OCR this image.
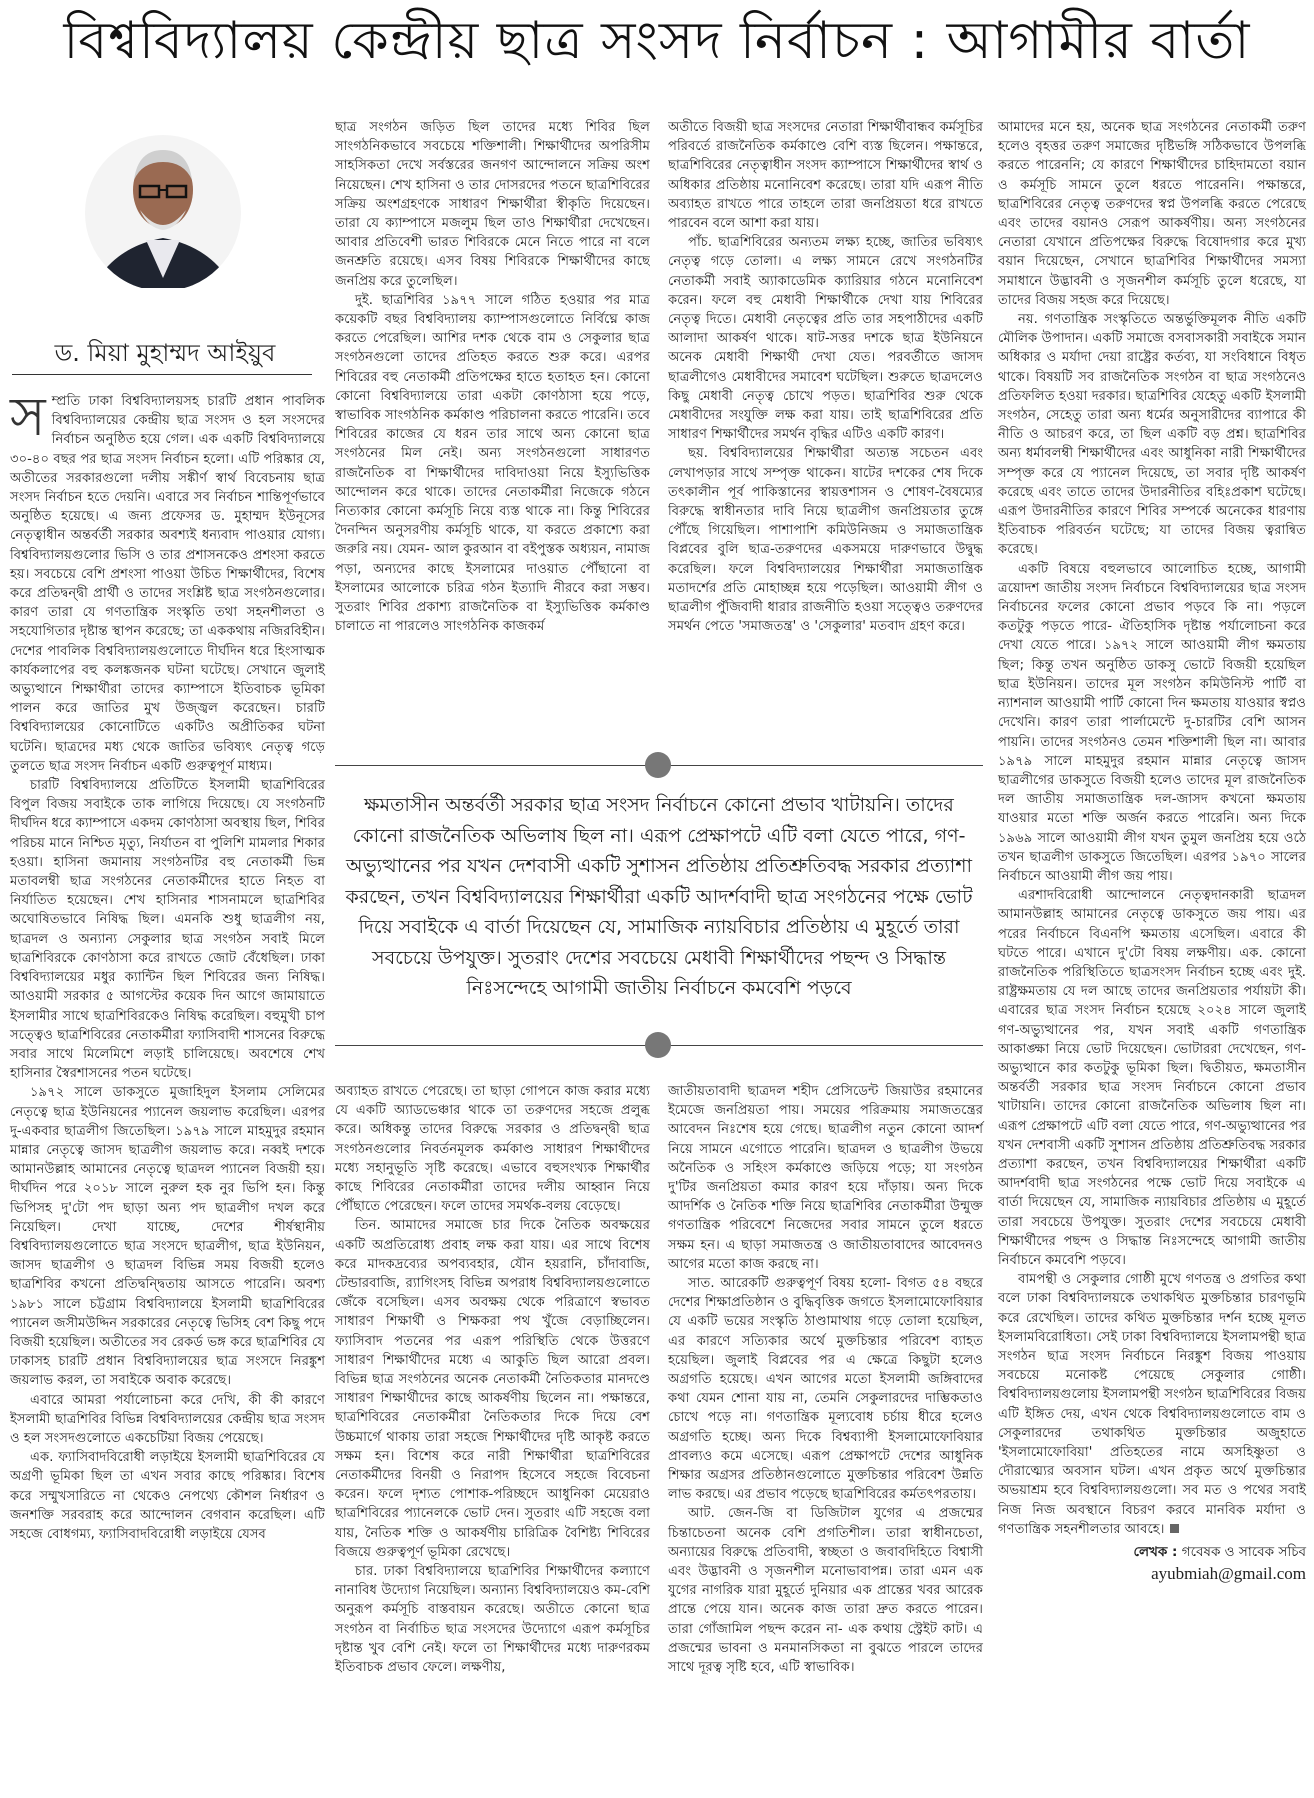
বিশ্ববিদ্যালয় কেন্দ্রীয় ছাত্র সংসদ নির্বাচন : আগামীর বার্তা
ড. মিয়া মুহাম্মদ আইয়ুব

সম্প্রতি ঢাকা বিশ্ববিদ্যালয়সহ চারটি প্রধান পাবলিক বিশ্ববিদ্যালয়ের কেন্দ্রীয় ছাত্র সংসদ ও হল সংসদের নির্বাচন অনুষ্ঠিত হয়ে গেল। এক একটি বিশ্ববিদ্যালয়ে ৩০-৪০ বছর পর ছাত্র সংসদ নির্বাচন হলো। এটি পরিষ্কার যে, অতীতের সরকারগুলো দলীয় সঙ্কীর্ণ স্বার্থ বিবেচনায় ছাত্র সংসদ নির্বাচন হতে দেয়নি। এবারে সব নির্বাচন শান্তিপূর্ণভাবে অনুষ্ঠিত হয়েছে। এ জন্য প্রফেসর ড. মুহাম্মদ ইউনূসের নেতৃত্বাধীন অন্তর্বর্তী সরকার অবশ্যই ধন্যবাদ পাওয়ার যোগ্য। বিশ্ববিদ্যালয়গুলোর ভিসি ও তার প্রশাসনকেও প্রশংসা করতে হয়। সবচেয়ে বেশি প্রশংসা পাওয়া উচিত শিক্ষার্থীদের, বিশেষ করে প্রতিদ্বন্দ্বী প্রার্থী ও তাদের সংশ্লিষ্ট ছাত্র সংগঠনগুলোর। কারণ তারা যে গণতান্ত্রিক সংস্কৃতি তথা সহনশীলতা ও সহযোগিতার দৃষ্টান্ত স্থাপন করেছে; তা এককথায় নজিরবিহীন। দেশের পাবলিক বিশ্ববিদ্যালয়গুলোতে দীর্ঘদিন ধরে হিংসাত্মক কার্যকলাপের বহু কলঙ্কজনক ঘটনা ঘটেছে। সেখানে জুলাই অভ্যুত্থানে শিক্ষার্থীরা তাদের ক্যাম্পাসে ইতিবাচক ভূমিকা পালন করে জাতির মুখ উজ্জ্বল করেছেন। চারটি বিশ্ববিদ্যালয়ের কোনোটিতে একটিও অপ্রীতিকর ঘটনা ঘটেনি। ছাত্রদের মধ্য থেকে জাতির ভবিষ্যৎ নেতৃত্ব গড়ে তুলতে ছাত্র সংসদ নির্বাচন একটি গুরুত্বপূর্ণ মাধ্যম।

চারটি বিশ্ববিদ্যালয়ে প্রতিটিতে ইসলামী ছাত্রশিবিরের বিপুল বিজয় সবাইকে তাক লাগিয়ে দিয়েছে। যে সংগঠনটি দীর্ঘদিন ধরে ক্যাম্পাসে একদম কোণঠাসা অবস্থায় ছিল, শিবির পরিচয় মানে নিশ্চিত মৃত্যু, নির্যাতন বা পুলিশি মামলার শিকার হওয়া। হাসিনা জমানায় সংগঠনটির বহু নেতাকর্মী ভিন্ন মতাবলম্বী ছাত্র সংগঠনের নেতাকর্মীদের হাতে নিহত বা নির্যাতিত হয়েছেন। শেখ হাসিনার শাসনামলে ছাত্রশিবির অঘোষিতভাবে নিষিদ্ধ ছিল। এমনকি শুধু ছাত্রলীগ নয়, ছাত্রদল ও অন্যান্য সেকুলার ছাত্র সংগঠন সবাই মিলে ছাত্রশিবিরকে কোণঠাসা করে রাখতে জোট বেঁধেছিল। ঢাকা বিশ্ববিদ্যালয়ের মধুর ক্যান্টিন ছিল শিবিরের জন্য নিষিদ্ধ। আওয়ামী সরকার ৫ আগস্টের কয়েক দিন আগে জামায়াতে ইসলামীর সাথে ছাত্রশিবিরকেও নিষিদ্ধ করেছিল। বহুমুখী চাপ সত্ত্বেও ছাত্রশিবিরের নেতাকর্মীরা ফ্যাসিবাদী শাসনের বিরুদ্ধে সবার সাথে মিলেমিশে লড়াই চালিয়েছে। অবশেষে শেখ হাসিনার স্বৈরশাসনের পতন ঘটেছে।

১৯৭২ সালে ডাকসুতে মুজাহিদুল ইসলাম সেলিমের নেতৃত্বে ছাত্র ইউনিয়নের প্যানেল জয়লাভ করেছিল। এরপর দু-একবার ছাত্রলীগ জিতেছিল। ১৯৭৯ সালে মাহমুদুর রহমান মান্নার নেতৃত্বে জাসদ ছাত্রলীগ জয়লাভ করে। নব্বই দশকে আমানউল্লাহ আমানের নেতৃত্বে ছাত্রদল প্যানেল বিজয়ী হয়। দীর্ঘদিন পরে ২০১৮ সালে নুরুল হক নুর ভিপি হন। কিন্তু ভিপিসহ দু'টো পদ ছাড়া অন্য পদ ছাত্রলীগ দখল করে নিয়েছিল। দেখা যাচ্ছে, দেশের শীর্ষস্থানীয় বিশ্ববিদ্যালয়গুলোতে ছাত্র সংসদে ছাত্রলীগ, ছাত্র ইউনিয়ন, জাসদ ছাত্রলীগ ও ছাত্রদল বিভিন্ন সময় বিজয়ী হলেও ছাত্রশিবির কখনো প্রতিদ্বন্দ্বিতায় আসতে পারেনি। অবশ্য ১৯৮১ সালে চট্টগ্রাম বিশ্ববিদ্যালয়ে ইসলামী ছাত্রশিবিরের প্যানেল জসীমউদ্দিন সরকারের নেতৃত্বে ভিসিহ বেশ কিছু পদে বিজয়ী হয়েছিল। অতীতের সব রেকর্ড ভঙ্গ করে ছাত্রশিবির যে ঢাকাসহ চারটি প্রধান বিশ্ববিদ্যালয়ের ছাত্র সংসদে নিরঙ্কুশ জয়লাভ করল, তা সবাইকে অবাক করেছে।

এবারে আমরা পর্যালোচনা করে দেখি, কী কী কারণে ইসলামী ছাত্রশিবির বিভিন্ন বিশ্ববিদ্যালয়ের কেন্দ্রীয় ছাত্র সংসদ ও হল সংসদগুলোতে একচেটিয়া বিজয় পেয়েছে।

এক. ফ্যাসিবাদবিরোধী লড়াইয়ে ইসলামী ছাত্রশিবিরের যে অগ্রণী ভূমিকা ছিল তা এখন সবার কাছে পরিষ্কার। বিশেষ করে সম্মুখসারিতে না থেকেও নেপথ্যে কৌশল নির্ধারণ ও জনশক্তি সরবরাহ করে আন্দোলন বেগবান করেছিল। এটি সহজে বোধগম্য, ফ্যাসিবাদবিরোধী লড়াইয়ে যেসব

ছাত্র সংগঠন জড়িত ছিল তাদের মধ্যে শিবির ছিল সাংগঠনিকভাবে সবচেয়ে শক্তিশালী। শিক্ষার্থীদের অপরিসীম সাহসিকতা দেখে সর্বস্তরের জনগণ আন্দোলনে সক্রিয় অংশ নিয়েছেন। শেখ হাসিনা ও তার দোসরদের পতনে ছাত্রশিবিরের সক্রিয় অংশগ্রহণকে সাধারণ শিক্ষার্থীরা স্বীকৃতি দিয়েছেন। তারা যে ক্যাম্পাসে মজলুম ছিল তাও শিক্ষার্থীরা দেখেছেন। আবার প্রতিবেশী ভারত শিবিরকে মেনে নিতে পারে না বলে জনশ্রুতি রয়েছে। এসব বিষয় শিবিরকে শিক্ষার্থীদের কাছে জনপ্রিয় করে তুলেছিল।

দুই. ছাত্রশিবির ১৯৭৭ সালে গঠিত হওয়ার পর মাত্র কয়েকটি বছর বিশ্ববিদ্যালয় ক্যাম্পাসগুলোতে নির্বিঘ্নে কাজ করতে পেরেছিল। আশির দশক থেকে বাম ও সেকুলার ছাত্র সংগঠনগুলো তাদের প্রতিহত করতে শুরু করে। এরপর শিবিরের বহু নেতাকর্মী প্রতিপক্ষের হাতে হতাহত হন। কোনো কোনো বিশ্ববিদ্যালয়ে তারা একটা কোণঠাসা হয়ে পড়ে, স্বাভাবিক সাংগঠনিক কর্মকাণ্ড পরিচালনা করতে পারেনি। তবে শিবিরের কাজের যে ধরন তার সাথে অন্য কোনো ছাত্র সংগঠনের মিল নেই। অন্য সংগঠনগুলো সাধারণত রাজনৈতিক বা শিক্ষার্থীদের দাবিদাওয়া নিয়ে ইস্যুভিত্তিক আন্দোলন করে থাকে। তাদের নেতাকর্মীরা নিজেকে গঠনে নিত্যকার কোনো কর্মসূচি নিয়ে ব্যস্ত থাকে না। কিন্তু শিবিরের দৈনন্দিন অনুসরণীয় কর্মসূচি থাকে, যা করতে প্রকাশ্যে করা জরুরি নয়। যেমন- আল কুরআন বা বইপুস্তক অধ্যয়ন, নামাজ পড়া, অন্যদের কাছে ইসলামের দাওয়াত পৌঁছানো বা ইসলামের আলোকে চরিত্র গঠন ইত্যাদি নীরবে করা সম্ভব। সুতরাং শিবির প্রকাশ্য রাজনৈতিক বা ইস্যুভিত্তিক কর্মকাণ্ড চালাতে না পারলেও সাংগঠনিক কাজকর্ম

অতীতে বিজয়ী ছাত্র সংসদের নেতারা শিক্ষার্থীবান্ধব কর্মসূচির পরিবর্তে রাজনৈতিক কর্মকাণ্ডে বেশি ব্যস্ত ছিলেন। পক্ষান্তরে, ছাত্রশিবিরের নেতৃত্বাধীন সংসদ ক্যাম্পাসে শিক্ষার্থীদের স্বার্থ ও অধিকার প্রতিষ্ঠায় মনোনিবেশ করেছে। তারা যদি এরূপ নীতি অব্যাহত রাখতে পারে তাহলে তারা জনপ্রিয়তা ধরে রাখতে পারবেন বলে আশা করা যায়।

পাঁচ. ছাত্রশিবিরের অন্যতম লক্ষ্য হচ্ছে, জাতির ভবিষ্যৎ নেতৃত্ব গড়ে তোলা। এ লক্ষ্য সামনে রেখে সংগঠনটির নেতাকর্মী সবাই অ্যাকাডেমিক ক্যারিয়ার গঠনে মনোনিবেশ করেন। ফলে বহু মেধাবী শিক্ষার্থীকে দেখা যায় শিবিরের নেতৃত্ব দিতে। মেধাবী নেতৃত্বের প্রতি তার সহপাঠীদের একটি আলাদা আকর্ষণ থাকে। ষাট-সত্তর দশকে ছাত্র ইউনিয়নে অনেক মেধাবী শিক্ষার্থী দেখা যেত। পরবর্তীতে জাসদ ছাত্রলীগেও মেধাবীদের সমাবেশ ঘটেছিল। শুরুতে ছাত্রদলেও কিছু মেধাবী নেতৃত্ব চোখে পড়ত। ছাত্রশিবির শুরু থেকে মেধাবীদের সংযুক্তি লক্ষ করা যায়। তাই ছাত্রশিবিরের প্রতি সাধারণ শিক্ষার্থীদের সমর্থন বৃদ্ধির এটিও একটি কারণ।

ছয়. বিশ্ববিদ্যালয়ের শিক্ষার্থীরা অত্যন্ত সচেতন এবং লেখাপড়ার সাথে সম্পৃক্ত থাকেন। ষাটের দশকের শেষ দিকে তৎকালীন পূর্ব পাকিস্তানের স্বায়ত্তশাসন ও শোষণ-বৈষম্যের বিরুদ্ধে স্বাধীনতার দাবি নিয়ে ছাত্রলীগ জনপ্রিয়তার তুঙ্গে পৌঁছে গিয়েছিল। পাশাপাশি কমিউনিজম ও সমাজতান্ত্রিক বিপ্লবের বুলি ছাত্র-তরুণদের একসময়ে দারুণভাবে উদ্বুদ্ধ করেছিল। ফলে বিশ্ববিদ্যালয়ের শিক্ষার্থীরা সমাজতান্ত্রিক মতাদর্শের প্রতি মোহাচ্ছন্ন হয়ে পড়েছিল। আওয়ামী লীগ ও ছাত্রলীগ পুঁজিবাদী ধারার রাজনীতি হওয়া সত্ত্বেও তরুণদের সমর্থন পেতে 'সমাজতন্ত্র' ও 'সেকুলার' মতবাদ গ্রহণ করে।

ক্ষমতাসীন অন্তর্বর্তী সরকার ছাত্র সংসদ নির্বাচনে কোনো প্রভাব খাটায়নি। তাদের কোনো রাজনৈতিক অভিলাষ ছিল না। এরূপ প্রেক্ষাপটে এটি বলা যেতে পারে, গণ-অভ্যুত্থানের পর যখন দেশবাসী একটি সুশাসন প্রতিষ্ঠায় প্রতিশ্রুতিবদ্ধ সরকার প্রত্যাশা করছেন, তখন বিশ্ববিদ্যালয়ের শিক্ষার্থীরা একটি আদর্শবাদী ছাত্র সংগঠনের পক্ষে ভোট দিয়ে সবাইকে এ বার্তা দিয়েছেন যে, সামাজিক ন্যায়বিচার প্রতিষ্ঠায় এ মুহূর্তে তারা সবচেয়ে উপযুক্ত। সুতরাং দেশের সবচেয়ে মেধাবী শিক্ষার্থীদের পছন্দ ও সিদ্ধান্ত নিঃসন্দেহে আগামী জাতীয় নির্বাচনে কমবেশি পড়বে

অব্যাহত রাখতে পেরেছে। তা ছাড়া গোপনে কাজ করার মধ্যে যে একটি অ্যাডভেঞ্চার থাকে তা তরুণদের সহজে প্রলুব্ধ করে। অধিকন্তু তাদের বিরুদ্ধে সরকার ও প্রতিদ্বন্দ্বী ছাত্র সংগঠনগুলোর নিবর্তনমূলক কর্মকাণ্ড সাধারণ শিক্ষার্থীদের মধ্যে সহানুভূতি সৃষ্টি করেছে। এভাবে বহুসংখ্যক শিক্ষার্থীর কাছে শিবিরের নেতাকর্মীরা তাদের দলীয় আহ্বান নিয়ে পৌঁছাতে পেরেছেন। ফলে তাদের সমর্থক-বলয় বেড়েছে।

তিন. আমাদের সমাজে চার দিকে নৈতিক অবক্ষয়ের একটি অপ্রতিরোধ্য প্রবাহ লক্ষ করা যায়। এর সাথে বিশেষ করে মাদকদ্রব্যের অপব্যবহার, যৌন হয়রানি, চাঁদাবাজি, টেন্ডারবাজি, র‍্যাগিংসহ বিভিন্ন অপরাধ বিশ্ববিদ্যালয়গুলোতে জেঁকে বসেছিল। এসব অবক্ষয় থেকে পরিত্রাণে স্বভাবত সাধারণ শিক্ষার্থী ও শিক্ষকরা পথ খুঁজে বেড়াচ্ছিলেন। ফ্যাসিবাদ পতনের পর এরূপ পরিস্থিতি থেকে উত্তরণে সাধারণ শিক্ষার্থীদের মধ্যে এ আকুতি ছিল আরো প্রবল। বিভিন্ন ছাত্র সংগঠনের অনেক নেতাকর্মী নৈতিকতার মানদণ্ডে সাধারণ শিক্ষার্থীদের কাছে আকর্ষণীয় ছিলেন না। পক্ষান্তরে, ছাত্রশিবিরের নেতাকর্মীরা নৈতিকতার দিকে দিয়ে বেশ উচ্চমার্গে থাকায় তারা সহজে শিক্ষার্থীদের দৃষ্টি আকৃষ্ট করতে সক্ষম হন। বিশেষ করে নারী শিক্ষার্থীরা ছাত্রশিবিরের নেতাকর্মীদের বিনয়ী ও নিরাপদ হিসেবে সহজে বিবেচনা করেন। ফলে দৃশ্যত পোশাক-পরিচ্ছদে আধুনিকা মেয়েরাও ছাত্রশিবিরের প্যানেলকে ভোট দেন। সুতরাং এটি সহজে বলা যায়, নৈতিক শক্তি ও আকর্ষণীয় চারিত্রিক বৈশিষ্ট্য শিবিরের বিজয়ে গুরুত্বপূর্ণ ভূমিকা রেখেছে।

চার. ঢাকা বিশ্ববিদ্যালয়ে ছাত্রশিবির শিক্ষার্থীদের কল্যাণে নানাবিধ উদ্যোগ নিয়েছিল। অন্যান্য বিশ্ববিদ্যালয়েও কম-বেশি অনুরূপ কর্মসূচি বাস্তবায়ন করেছে। অতীতে কোনো ছাত্র সংগঠন বা নির্বাচিত ছাত্র সংসদের উদ্যোগে এরূপ কর্মসূচির দৃষ্টান্ত খুব বেশি নেই। ফলে তা শিক্ষার্থীদের মধ্যে দারুণরকম ইতিবাচক প্রভাব ফেলে। লক্ষণীয়,

জাতীয়তাবাদী ছাত্রদল শহীদ প্রেসিডেন্ট জিয়াউর রহমানের ইমেজে জনপ্রিয়তা পায়। সময়ের পরিক্রমায় সমাজতন্ত্রের আবেদন নিঃশেষ হয়ে গেছে। ছাত্রলীগ নতুন কোনো আদর্শ নিয়ে সামনে এগোতে পারেনি। ছাত্রদল ও ছাত্রলীগ উভয়ে অনৈতিক ও সহিংস কর্মকাণ্ডে জড়িয়ে পড়ে; যা সংগঠন দু'টির জনপ্রিয়তা কমার কারণ হয়ে দাঁড়ায়। অন্য দিকে আদর্শিক ও নৈতিক শক্তি নিয়ে ছাত্রশিবির নেতাকর্মীরা উন্মুক্ত গণতান্ত্রিক পরিবেশে নিজেদের সবার সামনে তুলে ধরতে সক্ষম হন। এ ছাড়া সমাজতন্ত্র ও জাতীয়তাবাদের আবেদনও আগের মতো কাজ করছে না।

সাত. আরেকটি গুরুত্বপূর্ণ বিষয় হলো- বিগত ৫৪ বছরে দেশের শিক্ষাপ্রতিষ্ঠান ও বুদ্ধিবৃত্তিক জগতে ইসলামোফোবিয়ার যে একটি ভয়ের সংস্কৃতি ঠাণ্ডামাথায় গড়ে তোলা হয়েছিল, এর কারণে সত্যিকার অর্থে মুক্তচিন্তার পরিবেশ ব্যাহত হয়েছিল। জুলাই বিপ্লবের পর এ ক্ষেত্রে কিছুটা হলেও অগ্রগতি হয়েছে। এখন আগের মতো ইসলামী জঙ্গিবাদের কথা যেমন শোনা যায় না, তেমনি সেকুলারদের দাম্ভিকতাও চোখে পড়ে না। গণতান্ত্রিক মূল্যবোধ চর্চায় ধীরে হলেও অগ্রগতি হচ্ছে। অন্য দিকে বিশ্বব্যাপী ইসলামোফোবিয়ার প্রাবল্যও কমে এসেছে। এরূপ প্রেক্ষাপটে দেশের আধুনিক শিক্ষার অগ্রসর প্রতিষ্ঠানগুলোতে মুক্তচিন্তার পরিবেশ উন্নতি লাভ করছে। এর প্রভাব পড়েছে ছাত্রশিবিরের কর্মতৎপরতায়।

আট. জেন-জি বা ডিজিটাল যুগের এ প্রজন্মের চিন্তাচেতনা অনেক বেশি প্রগতিশীল। তারা স্বাধীনচেতা, অন্যায়ের বিরুদ্ধে প্রতিবাদী, স্বচ্ছতা ও জবাবদিহিতে বিশ্বাসী এবং উদ্ভাবনী ও সৃজনশীল মনোভাবাপন্ন। তারা এমন এক যুগের নাগরিক যারা মুহূর্তে দুনিয়ার এক প্রান্তের খবর আরেক প্রান্তে পেয়ে যান। অনেক কাজ তারা দ্রুত করতে পারেন। তারা গোঁজামিল পছন্দ করেন না- এক কথায় স্ট্রেইট কাট। এ প্রজন্মের ভাবনা ও মনমানসিকতা না বুঝতে পারলে তাদের সাথে দূরত্ব সৃষ্টি হবে, এটি স্বাভাবিক।

আমাদের মনে হয়, অনেক ছাত্র সংগঠনের নেতাকর্মী তরুণ হলেও বৃহত্তর তরুণ সমাজের দৃষ্টিভঙ্গি সঠিকভাবে উপলব্ধি করতে পারেননি; যে কারণে শিক্ষার্থীদের চাহিদামতো বয়ান ও কর্মসূচি সামনে তুলে ধরতে পারেননি। পক্ষান্তরে, ছাত্রশিবিরের নেতৃত্ব তরুণদের স্বপ্ন উপলব্ধি করতে পেরেছে এবং তাদের বয়ানও সেরূপ আকর্ষণীয়। অন্য সংগঠনের নেতারা যেখানে প্রতিপক্ষের বিরুদ্ধে বিষোদগার করে মুখ্য বয়ান দিয়েছেন, সেখানে ছাত্রশিবির শিক্ষার্থীদের সমস্যা সমাধানে উদ্ভাবনী ও সৃজনশীল কর্মসূচি তুলে ধরেছে, যা তাদের বিজয় সহজ করে দিয়েছে।

নয়. গণতান্ত্রিক সংস্কৃতিতে অন্তর্ভুক্তিমূলক নীতি একটি মৌলিক উপাদান। একটি সমাজে বসবাসকারী সবাইকে সমান অধিকার ও মর্যাদা দেয়া রাষ্ট্রের কর্তব্য, যা সংবিধানে বিধৃত থাকে। বিষয়টি সব রাজনৈতিক সংগঠন বা ছাত্র সংগঠনেও প্রতিফলিত হওয়া দরকার। ছাত্রশিবির যেহেতু একটি ইসলামী সংগঠন, সেহেতু তারা অন্য ধর্মের অনুসারীদের ব্যাপারে কী নীতি ও আচরণ করে, তা ছিল একটি বড় প্রশ্ন। ছাত্রশিবির অন্য ধর্মাবলম্বী শিক্ষার্থীদের এবং আধুনিকা নারী শিক্ষার্থীদের সম্পৃক্ত করে যে প্যানেল দিয়েছে, তা সবার দৃষ্টি আকর্ষণ করেছে এবং তাতে তাদের উদারনীতির বহিঃপ্রকাশ ঘটেছে। এরূপ উদারনীতির কারণে শিবির সম্পর্কে অনেকের ধারণায় ইতিবাচক পরিবর্তন ঘটেছে; যা তাদের বিজয় ত্বরান্বিত করেছে।

একটি বিষয়ে বহুলভাবে আলোচিত হচ্ছে, আগামী ত্রয়োদশ জাতীয় সংসদ নির্বাচনে বিশ্ববিদ্যালয়ের ছাত্র সংসদ নির্বাচনের ফলের কোনো প্রভাব পড়বে কি না। পড়লে কতটুকু পড়তে পারে- ঐতিহাসিক দৃষ্টান্ত পর্যালোচনা করে দেখা যেতে পারে। ১৯৭২ সালে আওয়ামী লীগ ক্ষমতায় ছিল; কিন্তু তখন অনুষ্ঠিত ডাকসু ভোটে বিজয়ী হয়েছিল ছাত্র ইউনিয়ন। তাদের মূল সংগঠন কমিউনিস্ট পার্টি বা ন্যাশনাল আওয়ামী পার্টি কোনো দিন ক্ষমতায় যাওয়ার স্বপ্নও দেখেনি। কারণ তারা পার্লামেন্টে দু-চারটির বেশি আসন পায়নি। তাদের সংগঠনও তেমন শক্তিশালী ছিল না। আবার ১৯৭৯ সালে মাহমুদুর রহমান মান্নার নেতৃত্বে জাসদ ছাত্রলীগের ডাকসুতে বিজয়ী হলেও তাদের মূল রাজনৈতিক দল জাতীয় সমাজতান্ত্রিক দল-জাসদ কখনো ক্ষমতায় যাওয়ার মতো শক্তি অর্জন করতে পারেনি। অন্য দিকে ১৯৬৯ সালে আওয়ামী লীগ যখন তুমুল জনপ্রিয় হয়ে ওঠে তখন ছাত্রলীগ ডাকসুতে জিতেছিল। এরপর ১৯৭০ সালের নির্বাচনে আওয়ামী লীগ জয় পায়।

এরশাদবিরোধী আন্দোলনে নেতৃত্বদানকারী ছাত্রদল আমানউল্লাহ আমানের নেতৃত্বে ডাকসুতে জয় পায়। এর পরের নির্বাচনে বিএনপি ক্ষমতায় এসেছিল। এবারে কী ঘটতে পারে। এখানে দু'টো বিষয় লক্ষণীয়। এক. কোনো রাজনৈতিক পরিস্থিতিতে ছাত্রসংসদ নির্বাচন হচ্ছে এবং দুই. রাষ্ট্রক্ষমতায় যে দল আছে তাদের জনপ্রিয়তার পর্যায়টা কী। এবারের ছাত্র সংসদ নির্বাচন হয়েছে ২০২৪ সালে জুলাই গণ-অভ্যুত্থানের পর, যখন সবাই একটি গণতান্ত্রিক আকাঙ্ক্ষা নিয়ে ভোট দিয়েছেন। ভোটাররা দেখেছেন, গণ-অভ্যুত্থানে কার কতটুকু ভূমিকা ছিল। দ্বিতীয়ত, ক্ষমতাসীন অন্তর্বর্তী সরকার ছাত্র সংসদ নির্বাচনে কোনো প্রভাব খাটায়নি। তাদের কোনো রাজনৈতিক অভিলাষ ছিল না। এরূপ প্রেক্ষাপটে এটি বলা যেতে পারে, গণ-অভ্যুত্থানের পর যখন দেশবাসী একটি সুশাসন প্রতিষ্ঠায় প্রতিশ্রুতিবদ্ধ সরকার প্রত্যাশা করছেন, তখন বিশ্ববিদ্যালয়ের শিক্ষার্থীরা একটি আদর্শবাদী ছাত্র সংগঠনের পক্ষে ভোট দিয়ে সবাইকে এ বার্তা দিয়েছেন যে, সামাজিক ন্যায়বিচার প্রতিষ্ঠায় এ মুহূর্তে তারা সবচেয়ে উপযুক্ত। সুতরাং দেশের সবচেয়ে মেধাবী শিক্ষার্থীদের পছন্দ ও সিদ্ধান্ত নিঃসন্দেহে আগামী জাতীয় নির্বাচনে কমবেশি পড়বে।

বামপন্থী ও সেকুলার গোষ্ঠী মুখে গণতন্ত্র ও প্রগতির কথা বলে ঢাকা বিশ্ববিদ্যালয়কে তথাকথিত মুক্তচিন্তার চারণভূমি করে রেখেছিল। তাদের কথিত মুক্তচিন্তার দর্শন হচ্ছে মূলত ইসলামবিরোধিতা। সেই ঢাকা বিশ্ববিদ্যালয়ে ইসলামপন্থী ছাত্র সংগঠন ছাত্র সংসদ নির্বাচনে নিরঙ্কুশ বিজয় পাওয়ায় সবচেয়ে মনোকষ্ট পেয়েছে সেকুলার গোষ্ঠী। বিশ্ববিদ্যালয়গুলোয় ইসলামপন্থী সংগঠন ছাত্রশিবিরের বিজয় এটি ইঙ্গিত দেয়, এখন থেকে বিশ্ববিদ্যালয়গুলোতে বাম ও সেকুলারদের তথাকথিত মুক্তচিন্তার অজুহাতে 'ইসলামোফোবিয়া' প্রতিহতের নামে অসহিষ্ণুতা ও দৌরাত্ম্যের অবসান ঘটল। এখন প্রকৃত অর্থে মুক্তচিন্তার অভয়াশ্রম হবে বিশ্ববিদ্যালয়গুলো। সব মত ও পথের সবাই নিজ নিজ অবস্থানে বিচরণ করবে মানবিক মর্যাদা ও গণতান্ত্রিক সহনশীলতার আবহে।

লেখক : গবেষক ও সাবেক সচিব
ayubmiah@gmail.com
